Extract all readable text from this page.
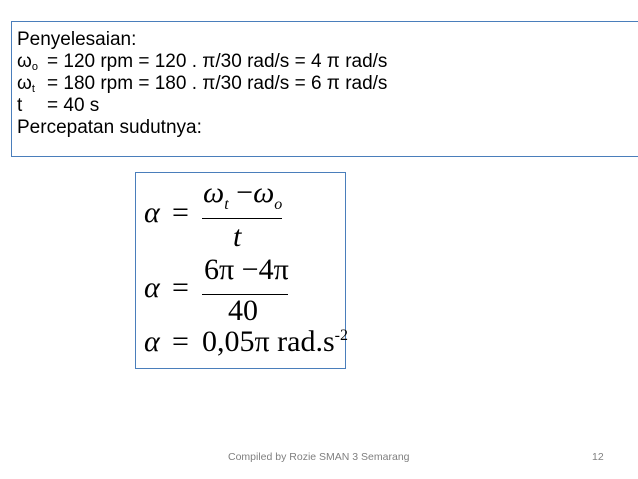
Penyelesaian:
$\omega_o = 120$ rpm = 120 . π/30 rad/s = 4 π rad/s
$\omega_t = 180$ rpm = 180 . π/30 rad/s = 6 π rad/s
t = 40 s
Percepatan sudutnya:
α =
$\omega_t -\omega_o$
t
α =
6π −4π
40
α = 0,05π $rad.s^{-2}$
Compiled by Rozie SMAN 3 Semarang	12
